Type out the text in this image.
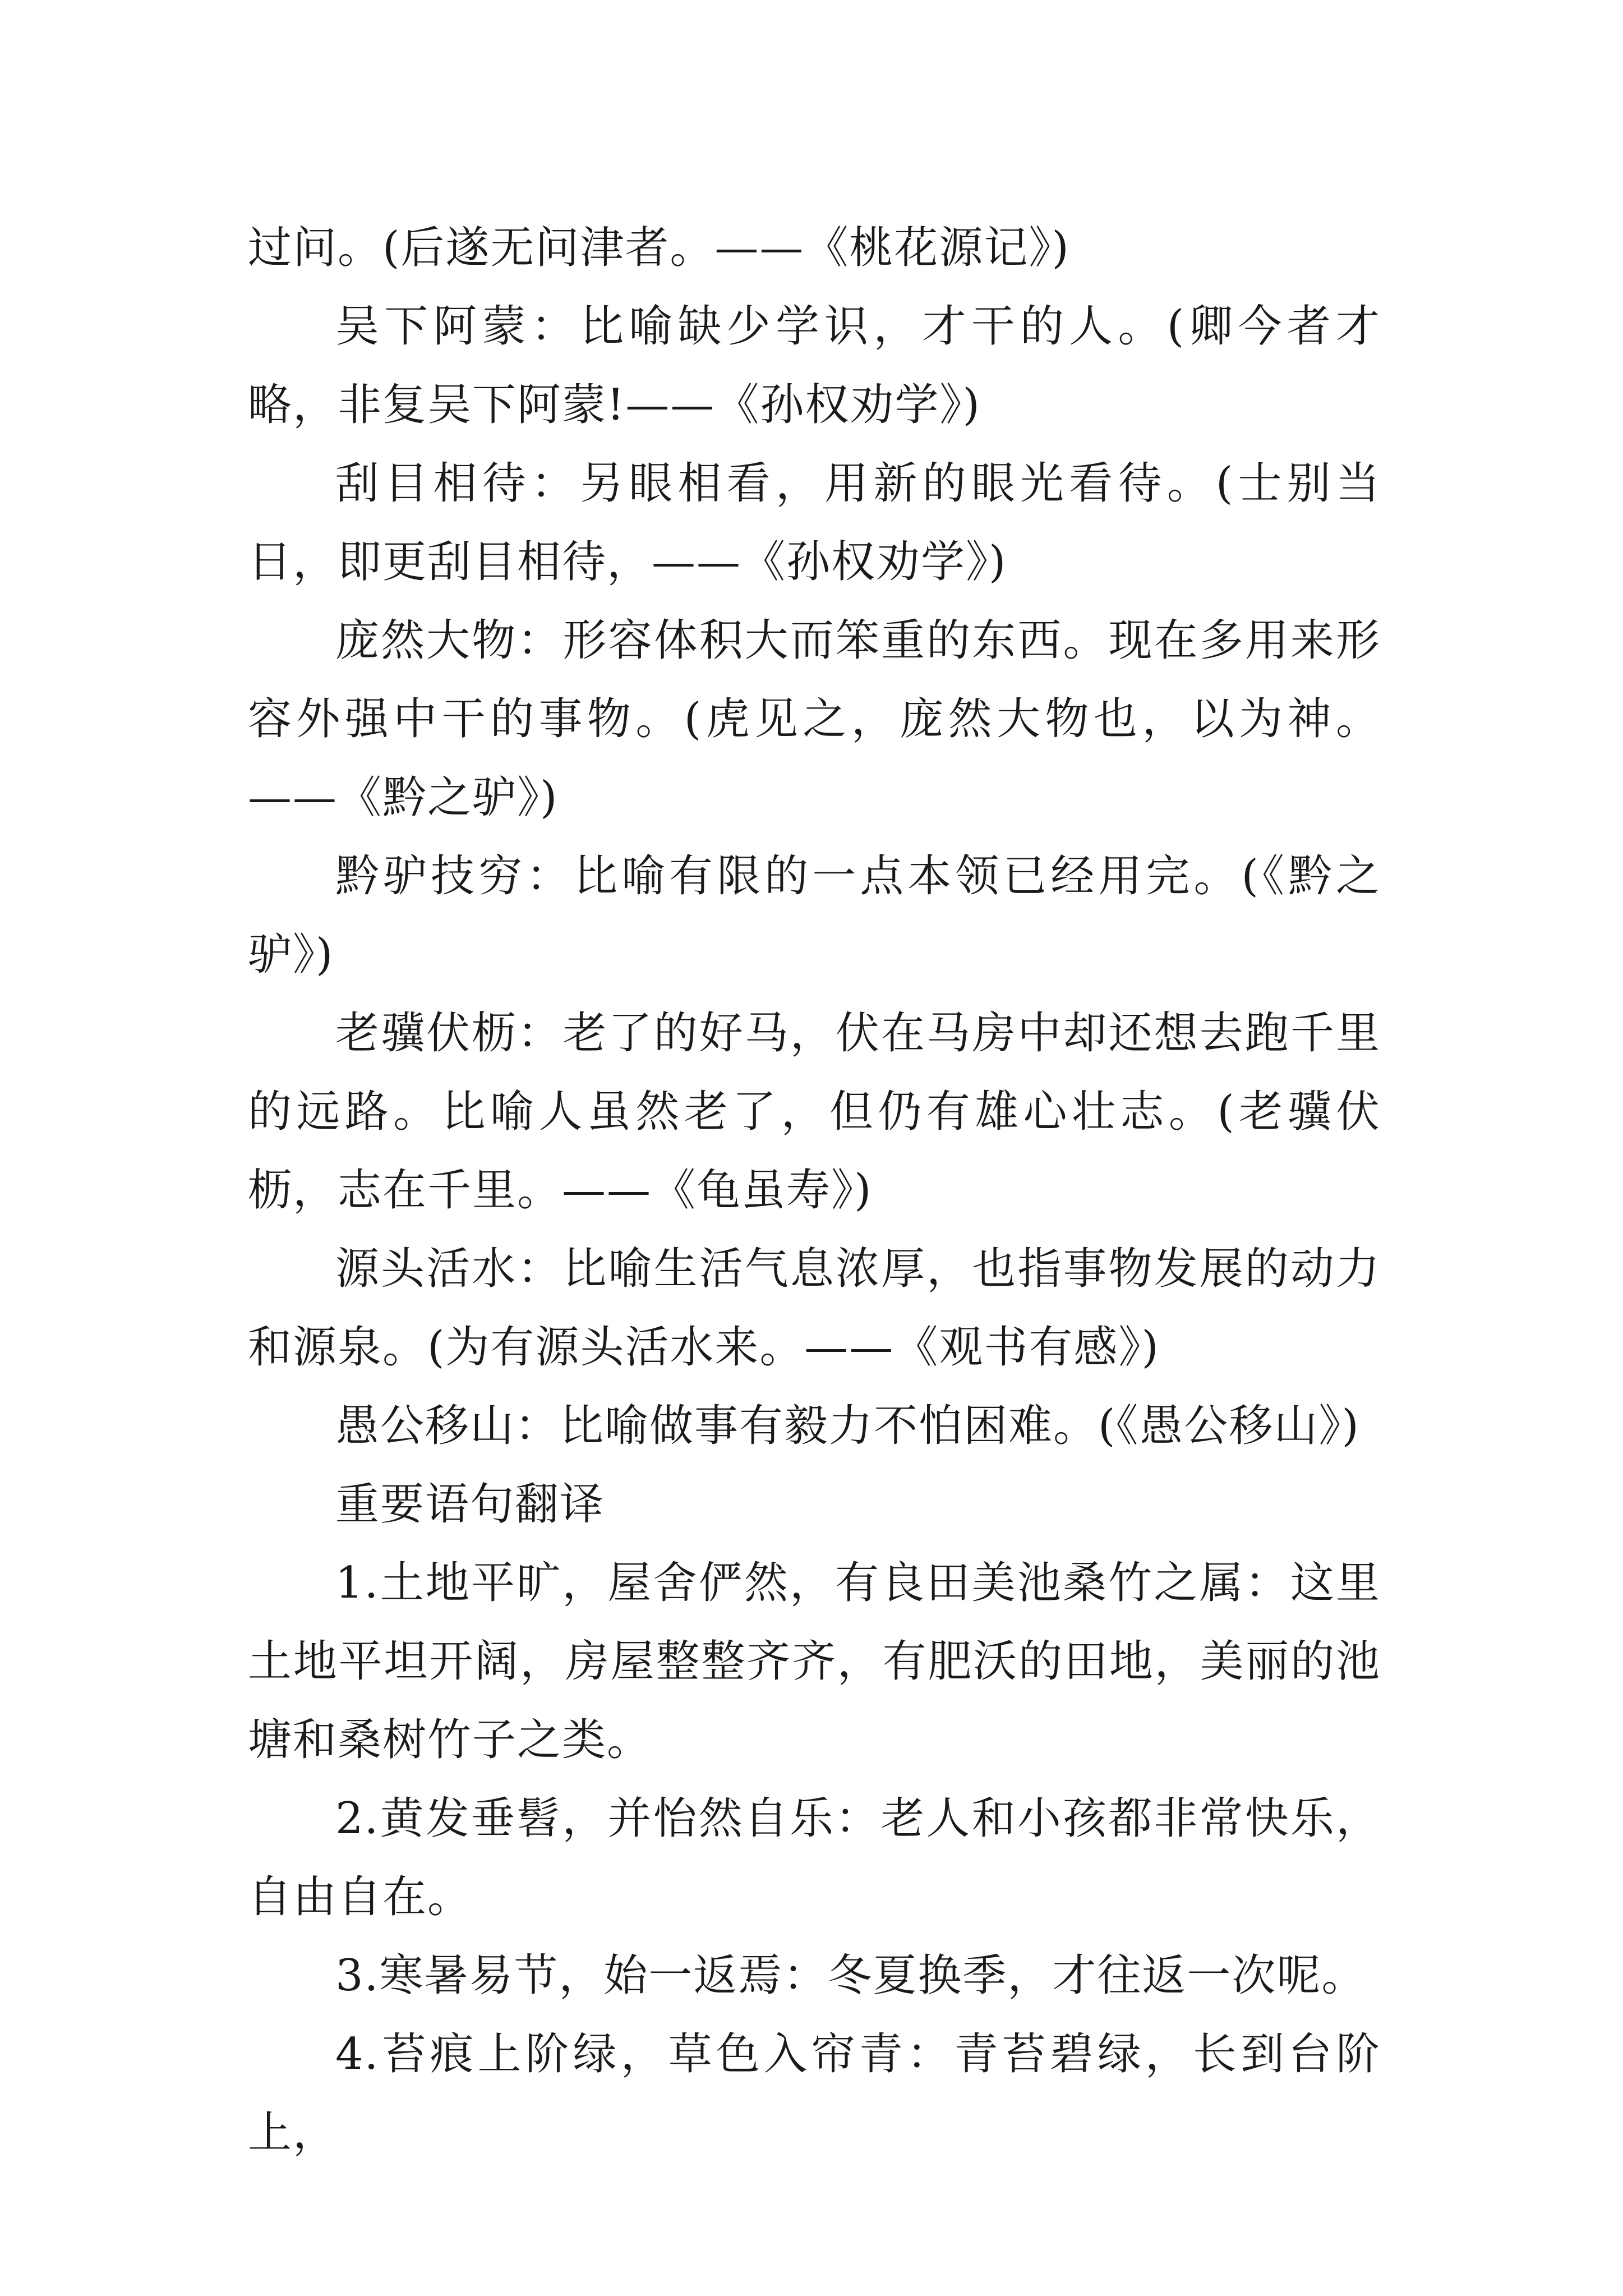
过问。(后遂无问津者。——《桃花源记》)

吴下阿蒙：比喻缺少学识，才干的人。(卿今者才略，非复吴下阿蒙!——《孙权劝学》)

刮目相待：另眼相看，用新的眼光看待。(士别当日，即更刮目相待，——《孙权劝学》)

庞然大物：形容体积大而笨重的东西。现在多用来形容外强中干的事物。(虎见之，庞然大物也，以为神。——《黔之驴》)

黔驴技穷：比喻有限的一点本领已经用完。(《黔之驴》)

老骥伏枥：老了的好马，伏在马房中却还想去跑千里的远路。比喻人虽然老了，但仍有雄心壮志。(老骥伏枥，志在千里。——《龟虽寿》)

源头活水：比喻生活气息浓厚，也指事物发展的动力和源泉。(为有源头活水来。——《观书有感》)

愚公移山：比喻做事有毅力不怕困难。(《愚公移山》)

重要语句翻译

1.土地平旷，屋舍俨然，有良田美池桑竹之属：这里土地平坦开阔，房屋整整齐齐，有肥沃的田地，美丽的池塘和桑树竹子之类。

2.黄发垂髫，并怡然自乐：老人和小孩都非常快乐，自由自在。

3.寒暑易节，始一返焉：冬夏换季，才往返一次呢。

4.苔痕上阶绿，草色入帘青：青苔碧绿，长到台阶上，
